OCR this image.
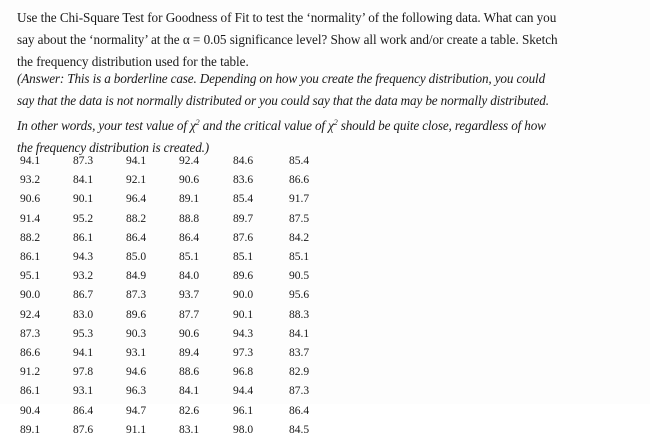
Use the Chi-Square Test for Goodness of Fit to test the ‘normality’ of the following data. What can you
say about the ‘normality’ at the α = 0.05 significance level? Show all work and/or create a table. Sketch
the frequency distribution used for the table.
(Answer: This is a borderline case. Depending on how you create the frequency distribution, you could
say that the data is not normally distributed or you could say that the data may be normally distributed.
In other words, your test value of $\chi^2$ and the critical value of $\chi^2$ should be quite close, regardless of how
the frequency distribution is created.)
94.1	87.3	94.1	92.4	84.6	85.4
93.2	84.1	92.1	90.6	83.6	86.6
90.6	90.1	96.4	89.1	85.4	91.7
91.4	95.2	88.2	88.8	89.7	87.5
88.2	86.1	86.4	86.4	87.6	84.2
86.1	94.3	85.0	85.1	85.1	85.1
95.1	93.2	84.9	84.0	89.6	90.5
90.0	86.7	87.3	93.7	90.0	95.6
92.4	83.0	89.6	87.7	90.1	88.3
87.3	95.3	90.3	90.6	94.3	84.1
86.6	94.1	93.1	89.4	97.3	83.7
91.2	97.8	94.6	88.6	96.8	82.9
86.1	93.1	96.3	84.1	94.4	87.3
90.4	86.4	94.7	82.6	96.1	86.4
89.1	87.6	91.1	83.1	98.0	84.5
